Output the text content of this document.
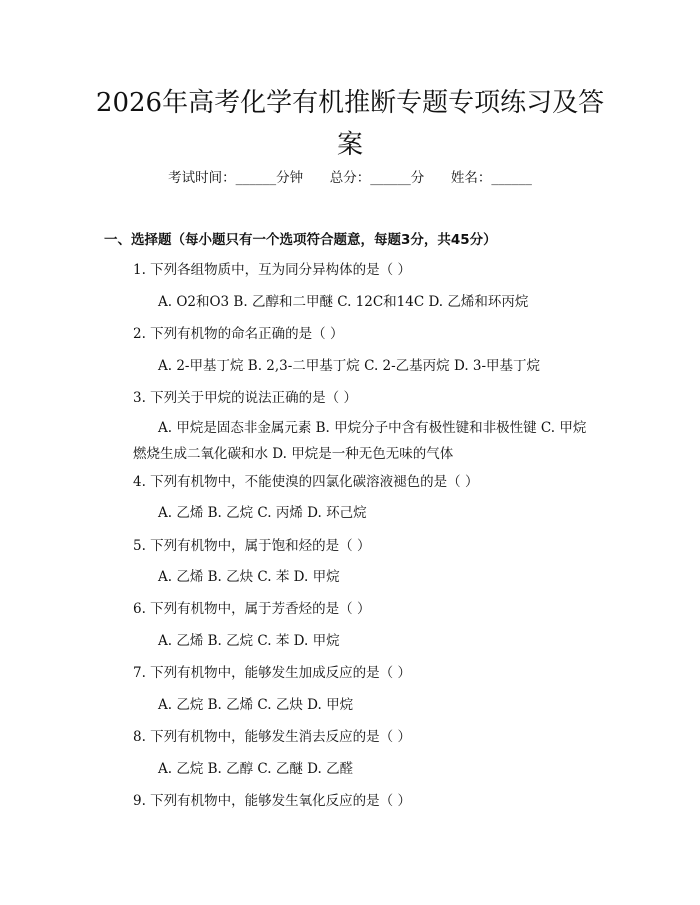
2026年高考化学有机推断专题专项练习及答案
考试时间：______分钟 总分：______分 姓名：______
一、选择题（每小题只有一个选项符合题意，每题3分，共45分）
1. 下列各组物质中，互为同分异构体的是（ ）
A. O2和O3 B. 乙醇和二甲醚 C. 12C和14C D. 乙烯和环丙烷
2. 下列有机物的命名正确的是（ ）
A. 2-甲基丁烷 B. 2,3-二甲基丁烷 C. 2-乙基丙烷 D. 3-甲基丁烷
3. 下列关于甲烷的说法正确的是（ ）
A. 甲烷是固态非金属元素 B. 甲烷分子中含有极性键和非极性键 C. 甲烷燃烧生成二氧化碳和水 D. 甲烷是一种无色无味的气体
4. 下列有机物中，不能使溴的四氯化碳溶液褪色的是（ ）
A. 乙烯 B. 乙烷 C. 丙烯 D. 环己烷
5. 下列有机物中，属于饱和烃的是（ ）
A. 乙烯 B. 乙炔 C. 苯 D. 甲烷
6. 下列有机物中，属于芳香烃的是（ ）
A. 乙烯 B. 乙烷 C. 苯 D. 甲烷
7. 下列有机物中，能够发生加成反应的是（ ）
A. 乙烷 B. 乙烯 C. 乙炔 D. 甲烷
8. 下列有机物中，能够发生消去反应的是（ ）
A. 乙烷 B. 乙醇 C. 乙醚 D. 乙醛
9. 下列有机物中，能够发生氧化反应的是（ ）
